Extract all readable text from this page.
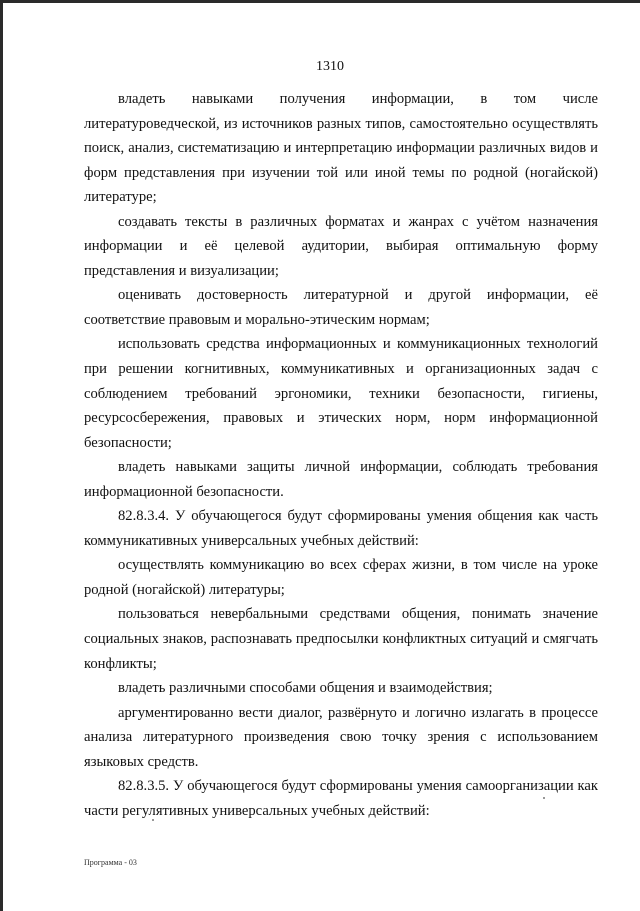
1310

владеть навыками получения информации, в том числе литературоведческой, из источников разных типов, самостоятельно осуществлять поиск, анализ, систематизацию и интерпретацию информации различных видов и форм представления при изучении той или иной темы по родной (ногайской) литературе;

создавать тексты в различных форматах и жанрах с учётом назначения информации и её целевой аудитории, выбирая оптимальную форму представления и визуализации;

оценивать достоверность литературной и другой информации, её соответствие правовым и морально-этическим нормам;

использовать средства информационных и коммуникационных технологий при решении когнитивных, коммуникативных и организационных задач с соблюдением требований эргономики, техники безопасности, гигиены, ресурсосбережения, правовых и этических норм, норм информационной безопасности;

владеть навыками защиты личной информации, соблюдать требования информационной безопасности.

82.8.3.4. У обучающегося будут сформированы умения общения как часть коммуникативных универсальных учебных действий:

осуществлять коммуникацию во всех сферах жизни, в том числе на уроке родной (ногайской) литературы;

пользоваться невербальными средствами общения, понимать значение социальных знаков, распознавать предпосылки конфликтных ситуаций и смягчать конфликты;

владеть различными способами общения и взаимодействия;

аргументированно вести диалог, развёрнуто и логично излагать в процессе анализа литературного произведения свою точку зрения с использованием языковых средств.

82.8.3.5. У обучающегося будут сформированы умения самоорганизации как части регулятивных универсальных учебных действий:

Программа - 03
